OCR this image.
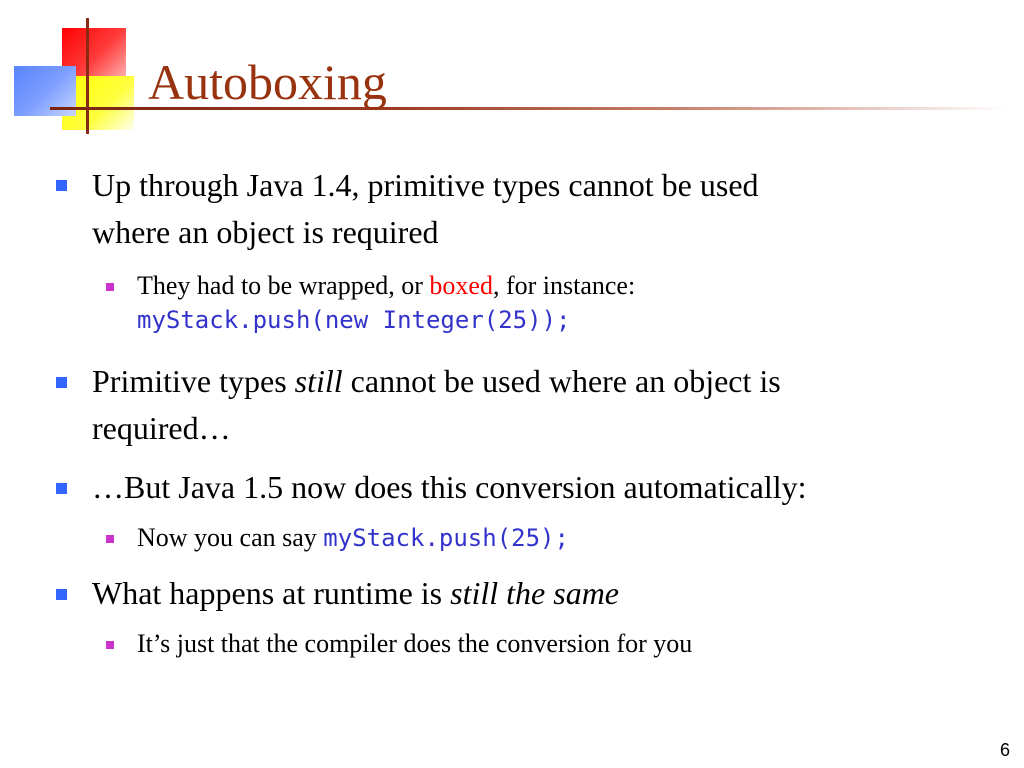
Autoboxing
Up through Java 1.4, primitive types cannot be used
where an object is required
They had to be wrapped, or boxed, for instance:
myStack.push(new Integer(25));
Primitive types still cannot be used where an object is
required…
…But Java 1.5 now does this conversion automatically:
Now you can say myStack.push(25);
What happens at runtime is still the same
It’s just that the compiler does the conversion for you
6
